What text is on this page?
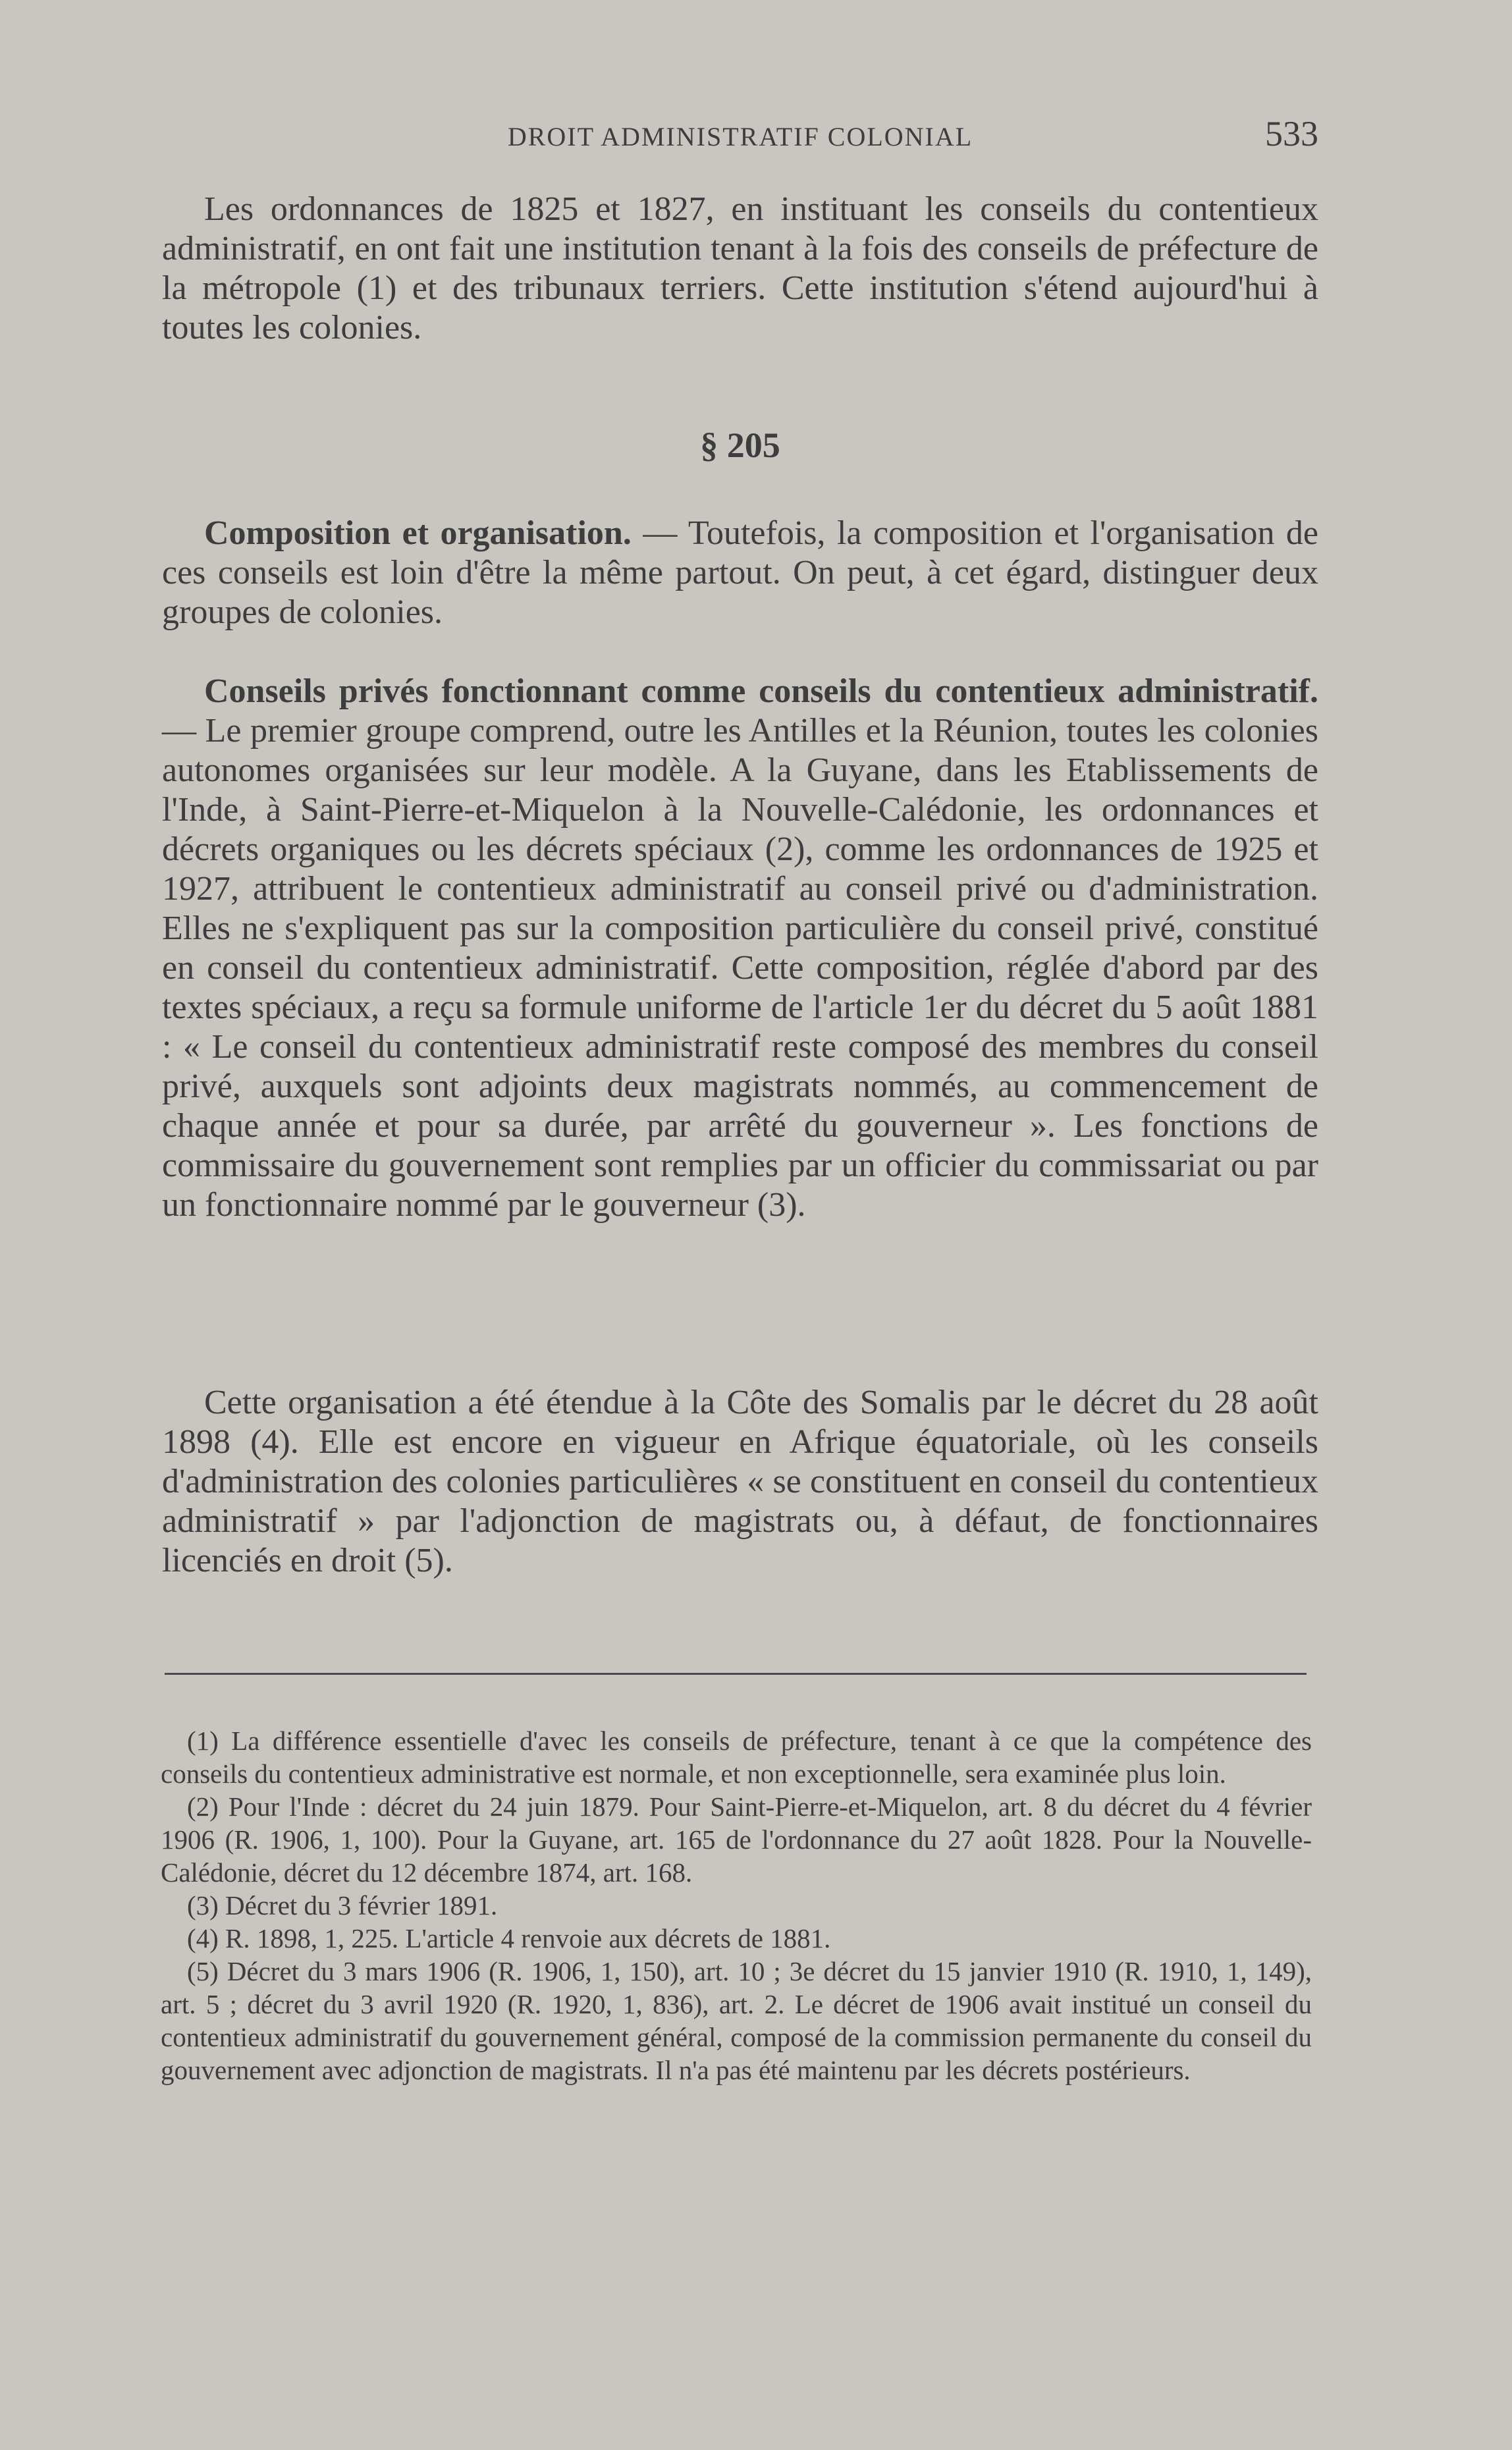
DROIT ADMINISTRATIF COLONIAL	533

Les ordonnances de 1825 et 1827, en instituant les conseils du contentieux administratif, en ont fait une institution tenant à la fois des conseils de préfecture de la métropole (1) et des tribunaux terriers. Cette institution s'étend aujourd'hui à toutes les colonies.

§ 205

Composition et organisation. — Toutefois, la composition et l'organisation de ces conseils est loin d'être la même partout. On peut, à cet égard, distinguer deux groupes de colonies.

Conseils privés fonctionnant comme conseils du contentieux administratif. — Le premier groupe comprend, outre les Antilles et la Réunion, toutes les colonies autonomes organisées sur leur modèle. A la Guyane, dans les Etablissements de l'Inde, à Saint-Pierre-et-Miquelon à la Nouvelle-Calédonie, les ordonnances et décrets organiques ou les décrets spéciaux (2), comme les ordonnances de 1925 et 1927, attribuent le contentieux administratif au conseil privé ou d'administration. Elles ne s'expliquent pas sur la composition particulière du conseil privé, constitué en conseil du contentieux administratif. Cette composition, réglée d'abord par des textes spéciaux, a reçu sa formule uniforme de l'article 1er du décret du 5 août 1881 : « Le conseil du contentieux administratif reste composé des membres du conseil privé, auxquels sont adjoints deux magistrats nommés, au commencement de chaque année et pour sa durée, par arrêté du gouverneur ». Les fonctions de commissaire du gouvernement sont remplies par un officier du commissariat ou par un fonctionnaire nommé par le gouverneur (3).

Cette organisation a été étendue à la Côte des Somalis par le décret du 28 août 1898 (4). Elle est encore en vigueur en Afrique équatoriale, où les conseils d'administration des colonies particulières « se constituent en conseil du contentieux administratif » par l'adjonction de magistrats ou, à défaut, de fonctionnaires licenciés en droit (5).

(1) La différence essentielle d'avec les conseils de préfecture, tenant à ce que la compétence des conseils du contentieux administrative est normale, et non exceptionnelle, sera examinée plus loin.

(2) Pour l'Inde : décret du 24 juin 1879. Pour Saint-Pierre-et-Miquelon, art. 8 du décret du 4 février 1906 (R. 1906, 1, 100). Pour la Guyane, art. 165 de l'ordonnance du 27 août 1828. Pour la Nouvelle-Calédonie, décret du 12 décembre 1874, art. 168.

(3) Décret du 3 février 1891.

(4) R. 1898, 1, 225. L'article 4 renvoie aux décrets de 1881.

(5) Décret du 3 mars 1906 (R. 1906, 1, 150), art. 10 ; 3e décret du 15 janvier 1910 (R. 1910, 1, 149), art. 5 ; décret du 3 avril 1920 (R. 1920, 1, 836), art. 2. Le décret de 1906 avait institué un conseil du contentieux administratif du gouvernement général, composé de la commission permanente du conseil du gouvernement avec adjonction de magistrats. Il n'a pas été maintenu par les décrets postérieurs.
